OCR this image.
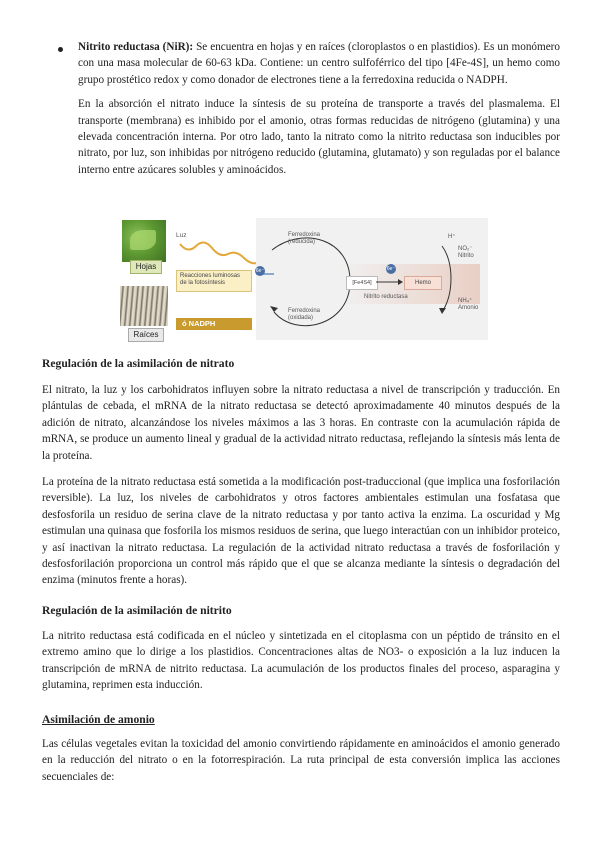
Nitrito reductasa (NiR): Se encuentra en hojas y en raíces (cloroplastos o en plastidios). Es un monómero con una masa molecular de 60-63 kDa. Contiene: un centro sulfoférrico del tipo [4Fe-4S], un hemo como grupo prostético redox y como donador de electrones tiene a la ferredoxina reducida o NADPH.

En la absorción el nitrato induce la síntesis de su proteína de transporte a través del plasmalema. El transporte (membrana) es inhibido por el amonio, otras formas reducidas de nitrógeno (glutamina) y una elevada concentración interna. Por otro lado, tanto la nitrato como la nitrito reductasa son inducibles por nitrato, por luz, son inhibidas por nitrógeno reducido (glutamina, glutamato) y son reguladas por el balance interno entre azúcares solubles y aminoácidos.

Hojas
Raíces
Luz
Reacciones luminosas de la fotosíntesis
ó NADPH
6e⁻	6e⁻
Ferredoxina (reducida)
Ferredoxina (oxidada)
[Fe4S4]	Hemo
Nitrito reductasa
H⁺
NO₂⁻ Nitrito
NH₄⁺ Amonio
Regulación de la asimilación de nitrato

El nitrato, la luz y los carbohidratos influyen sobre la nitrato reductasa a nivel de transcripción y traducción. En plántulas de cebada, el mRNA de la nitrato reductasa se detectó aproximadamente 40 minutos después de la adición de nitrato, alcanzándose los niveles máximos a las 3 horas. En contraste con la acumulación rápida de mRNA, se produce un aumento lineal y gradual de la actividad nitrato reductasa, reflejando la síntesis más lenta de la proteína.

La proteína de la nitrato reductasa está sometida a la modificación post-traduccional (que implica una fosforilación reversible). La luz, los niveles de carbohidratos y otros factores ambientales estimulan una fosfatasa que desfosforila un residuo de serina clave de la nitrato reductasa y por tanto activa la enzima. La oscuridad y Mg estimulan una quinasa que fosforila los mismos residuos de serina, que luego interactúan con un inhibidor proteico, y así inactivan la nitrato reductasa. La regulación de la actividad nitrato reductasa a través de fosforilación y desfosforilación proporciona un control más rápido que el que se alcanza mediante la síntesis o degradación del enzima (minutos frente a horas).

Regulación de la asimilación de nitrito

La nitrito reductasa está codificada en el núcleo y sintetizada en el citoplasma con un péptido de tránsito en el extremo amino que lo dirige a los plastidios. Concentraciones altas de NO3- o exposición a la luz inducen la transcripción de mRNA de nitrito reductasa. La acumulación de los productos finales del proceso, asparagina y glutamina, reprimen esta inducción.

Asimilación de amonio

Las células vegetales evitan la toxicidad del amonio convirtiendo rápidamente en aminoácidos el amonio generado en la reducción del nitrato o en la fotorrespiración. La ruta principal de esta conversión implica las acciones secuenciales de:
